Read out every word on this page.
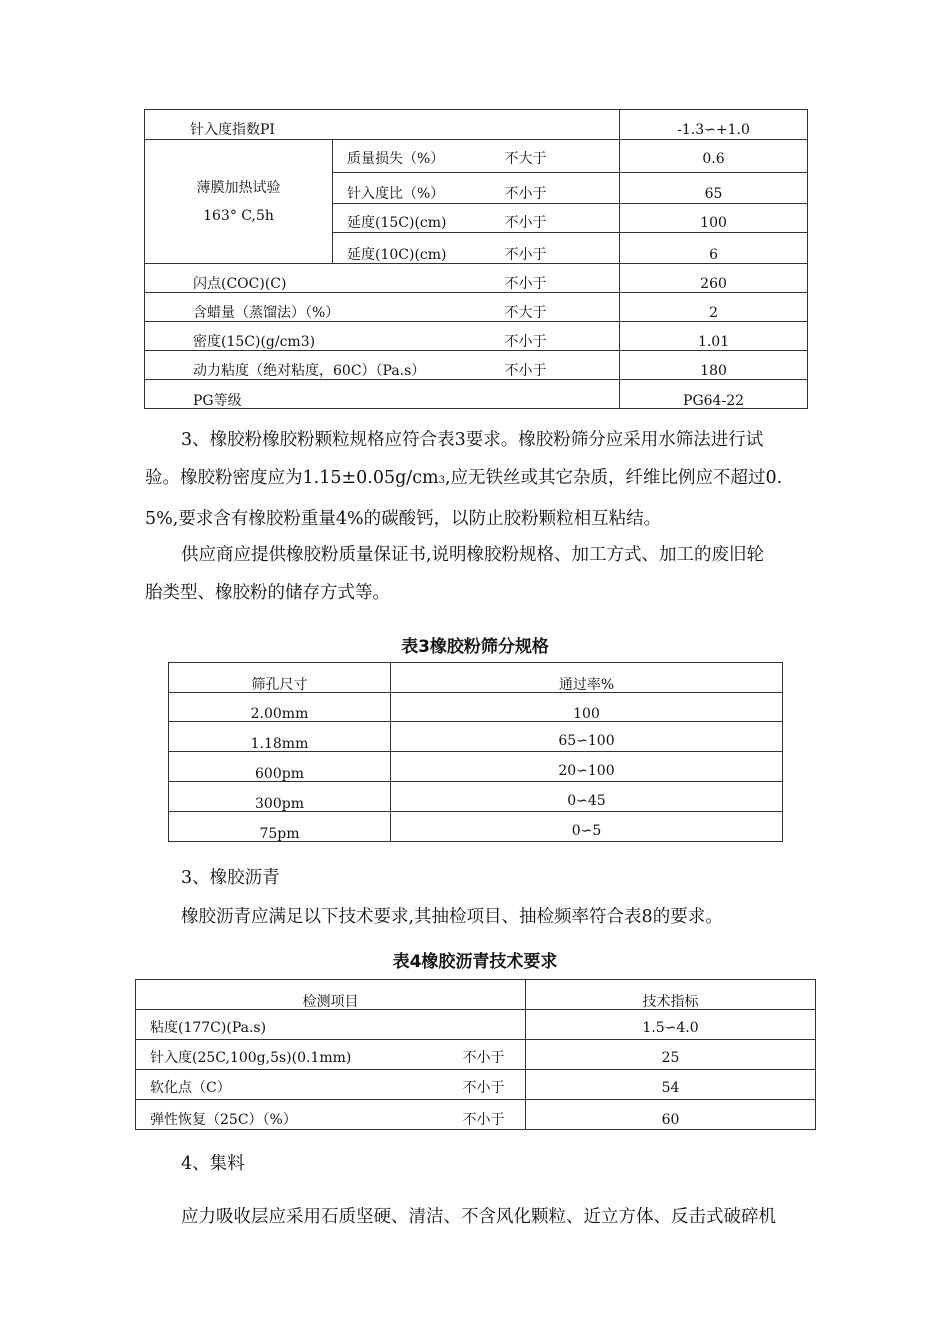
针入度指数PI			-1.3∽+1.0

薄膜加热试验
163° C,5h	质量损失（%）	不大于	0.6
	针入度比（%）	不小于	65
	延度(15C)(cm)	不小于	100
	延度(10C)(cm)	不小于	6
闪点(COC)(C)		不小于	260
含蜡量（蒸馏法）（%）		不大于	2
密度(15C)(g/cm3)		不小于	1.01
动力粘度（绝对粘度，60C）（Pa.s）		不小于	180
PG等级			PG64-22
3、橡胶粉橡胶粉颗粒规格应符合表3要求。橡胶粉筛分应采用水筛法进行试
验。橡胶粉密度应为1.15±0.05g/cm3,应无铁丝或其它杂质，纤维比例应不超过0.
5%,要求含有橡胶粉重量4%的碳酸钙，以防止胶粉颗粒相互粘结。
供应商应提供橡胶粉质量保证书,说明橡胶粉规格、加工方式、加工的废旧轮
胎类型、橡胶粉的储存方式等。
表3橡胶粉筛分规格
筛孔尺寸	通过率%
2.00mm	100
1.18mm	65∽100
600pm	20∽100
300pm	0∽45
75pm	0∽5
3、橡胶沥青
橡胶沥青应满足以下技术要求,其抽检项目、抽检频率符合表8的要求。
表4橡胶沥青技术要求
检测项目		技术指标
粘度(177C)(Pa.s)		1.5∽4.0
针入度(25C,100g,5s)(0.1mm)	不小于	25
软化点（C）	不小于	54
弹性恢复（25C）（%）	不小于	60
4、集料
应力吸收层应采用石质坚硬、清洁、不含风化颗粒、近立方体、反击式破碎机
